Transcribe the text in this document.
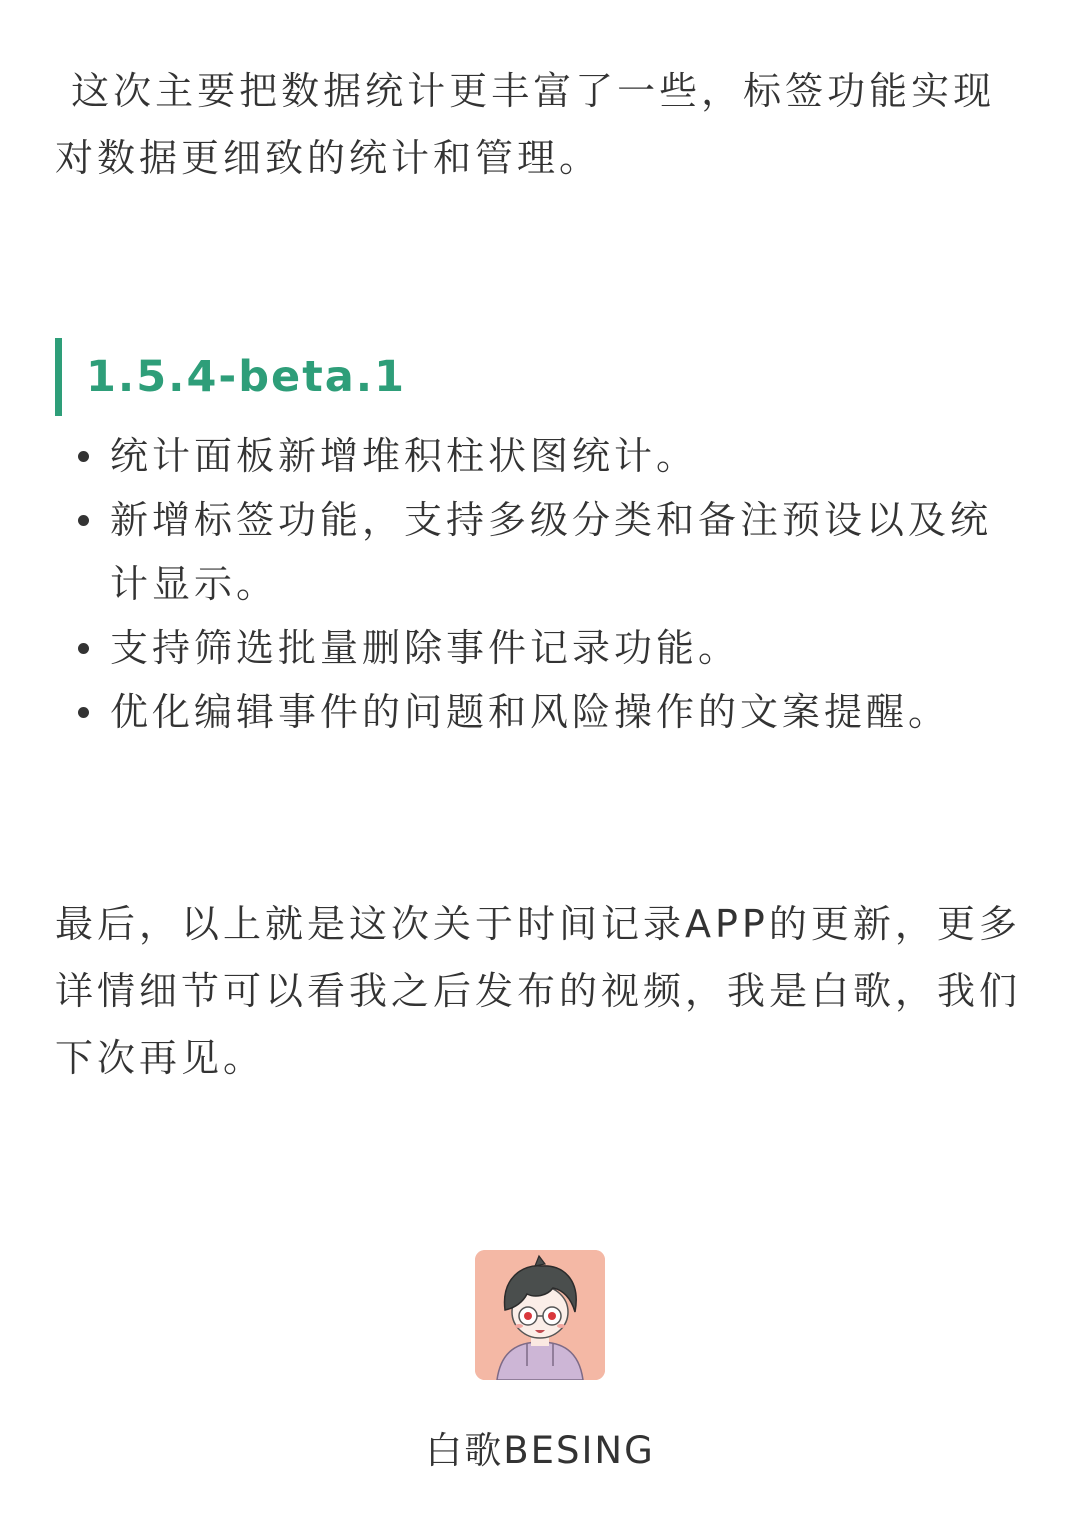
这次主要把数据统计更丰富了一些，标签功能实现对数据更细致的统计和管理。

1.5.4-beta.1
统计面板新增堆积柱状图统计。
新增标签功能，支持多级分类和备注预设以及统计显示。
支持筛选批量删除事件记录功能。
优化编辑事件的问题和风险操作的文案提醒。

最后，以上就是这次关于时间记录APP的更新，更多详情细节可以看我之后发布的视频，我是白歌，我们下次再见。

白歌BESING
